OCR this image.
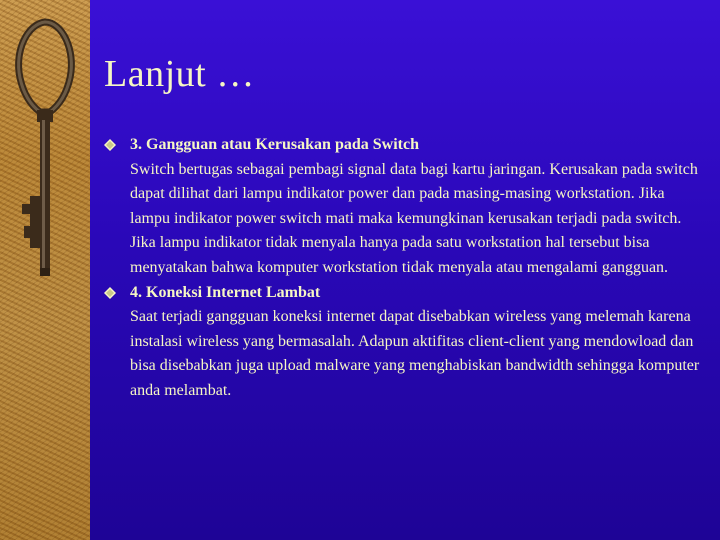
Lanjut …
3. Gangguan atau Kerusakan pada Switch
Switch bertugas sebagai pembagi signal data bagi kartu jaringan. Kerusakan pada switch dapat dilihat dari lampu indikator power dan pada masing-masing workstation. Jika lampu indikator power switch mati maka kemungkinan kerusakan terjadi pada switch. Jika lampu indikator tidak menyala hanya pada satu workstation hal tersebut bisa menyatakan bahwa komputer workstation tidak menyala atau mengalami gangguan.
4. Koneksi Internet Lambat
Saat terjadi gangguan koneksi internet dapat disebabkan wireless yang melemah karena instalasi wireless yang bermasalah. Adapun aktifitas client-client yang mendowload dan bisa disebabkan juga upload malware yang menghabiskan bandwidth sehingga komputer anda melambat.
